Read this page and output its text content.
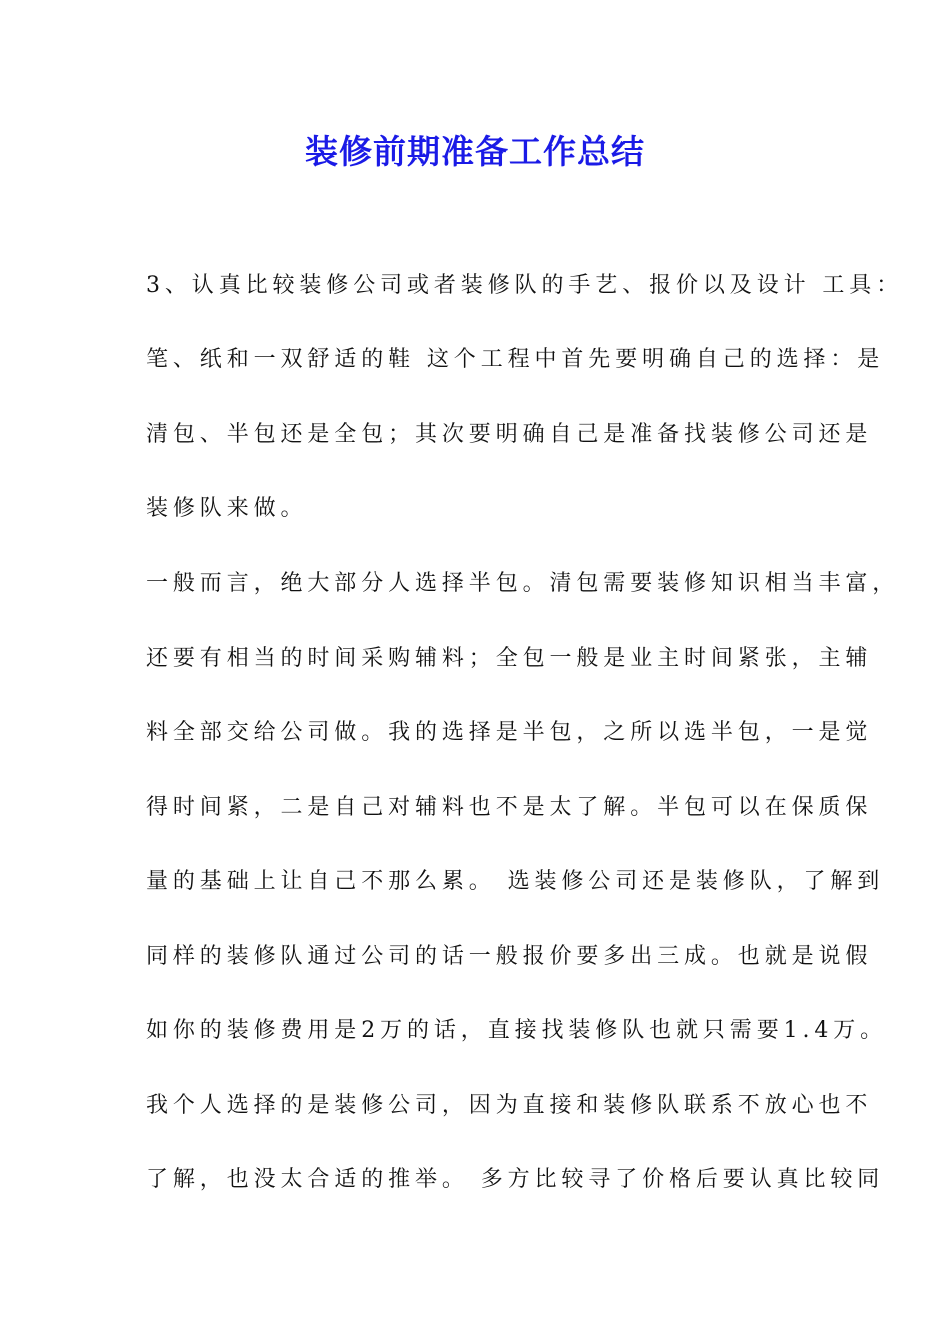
装修前期准备工作总结
3、认真比较装修公司或者装修队的手艺、报价以及设计 工具：
笔、纸和一双舒适的鞋 这个工程中首先要明确自己的选择：是
清包、半包还是全包；其次要明确自己是准备找装修公司还是
装修队来做。
一般而言，绝大部分人选择半包。清包需要装修知识相当丰富，
还要有相当的时间采购辅料；全包一般是业主时间紧张，主辅
料全部交给公司做。我的选择是半包，之所以选半包，一是觉
得时间紧，二是自己对辅料也不是太了解。半包可以在保质保
量的基础上让自己不那么累。 选装修公司还是装修队，了解到
同样的装修队通过公司的话一般报价要多出三成。也就是说假
如你的装修费用是2万的话，直接找装修队也就只需要1.4万。
我个人选择的是装修公司，因为直接和装修队联系不放心也不
了解，也没太合适的推举。 多方比较寻了价格后要认真比较同
